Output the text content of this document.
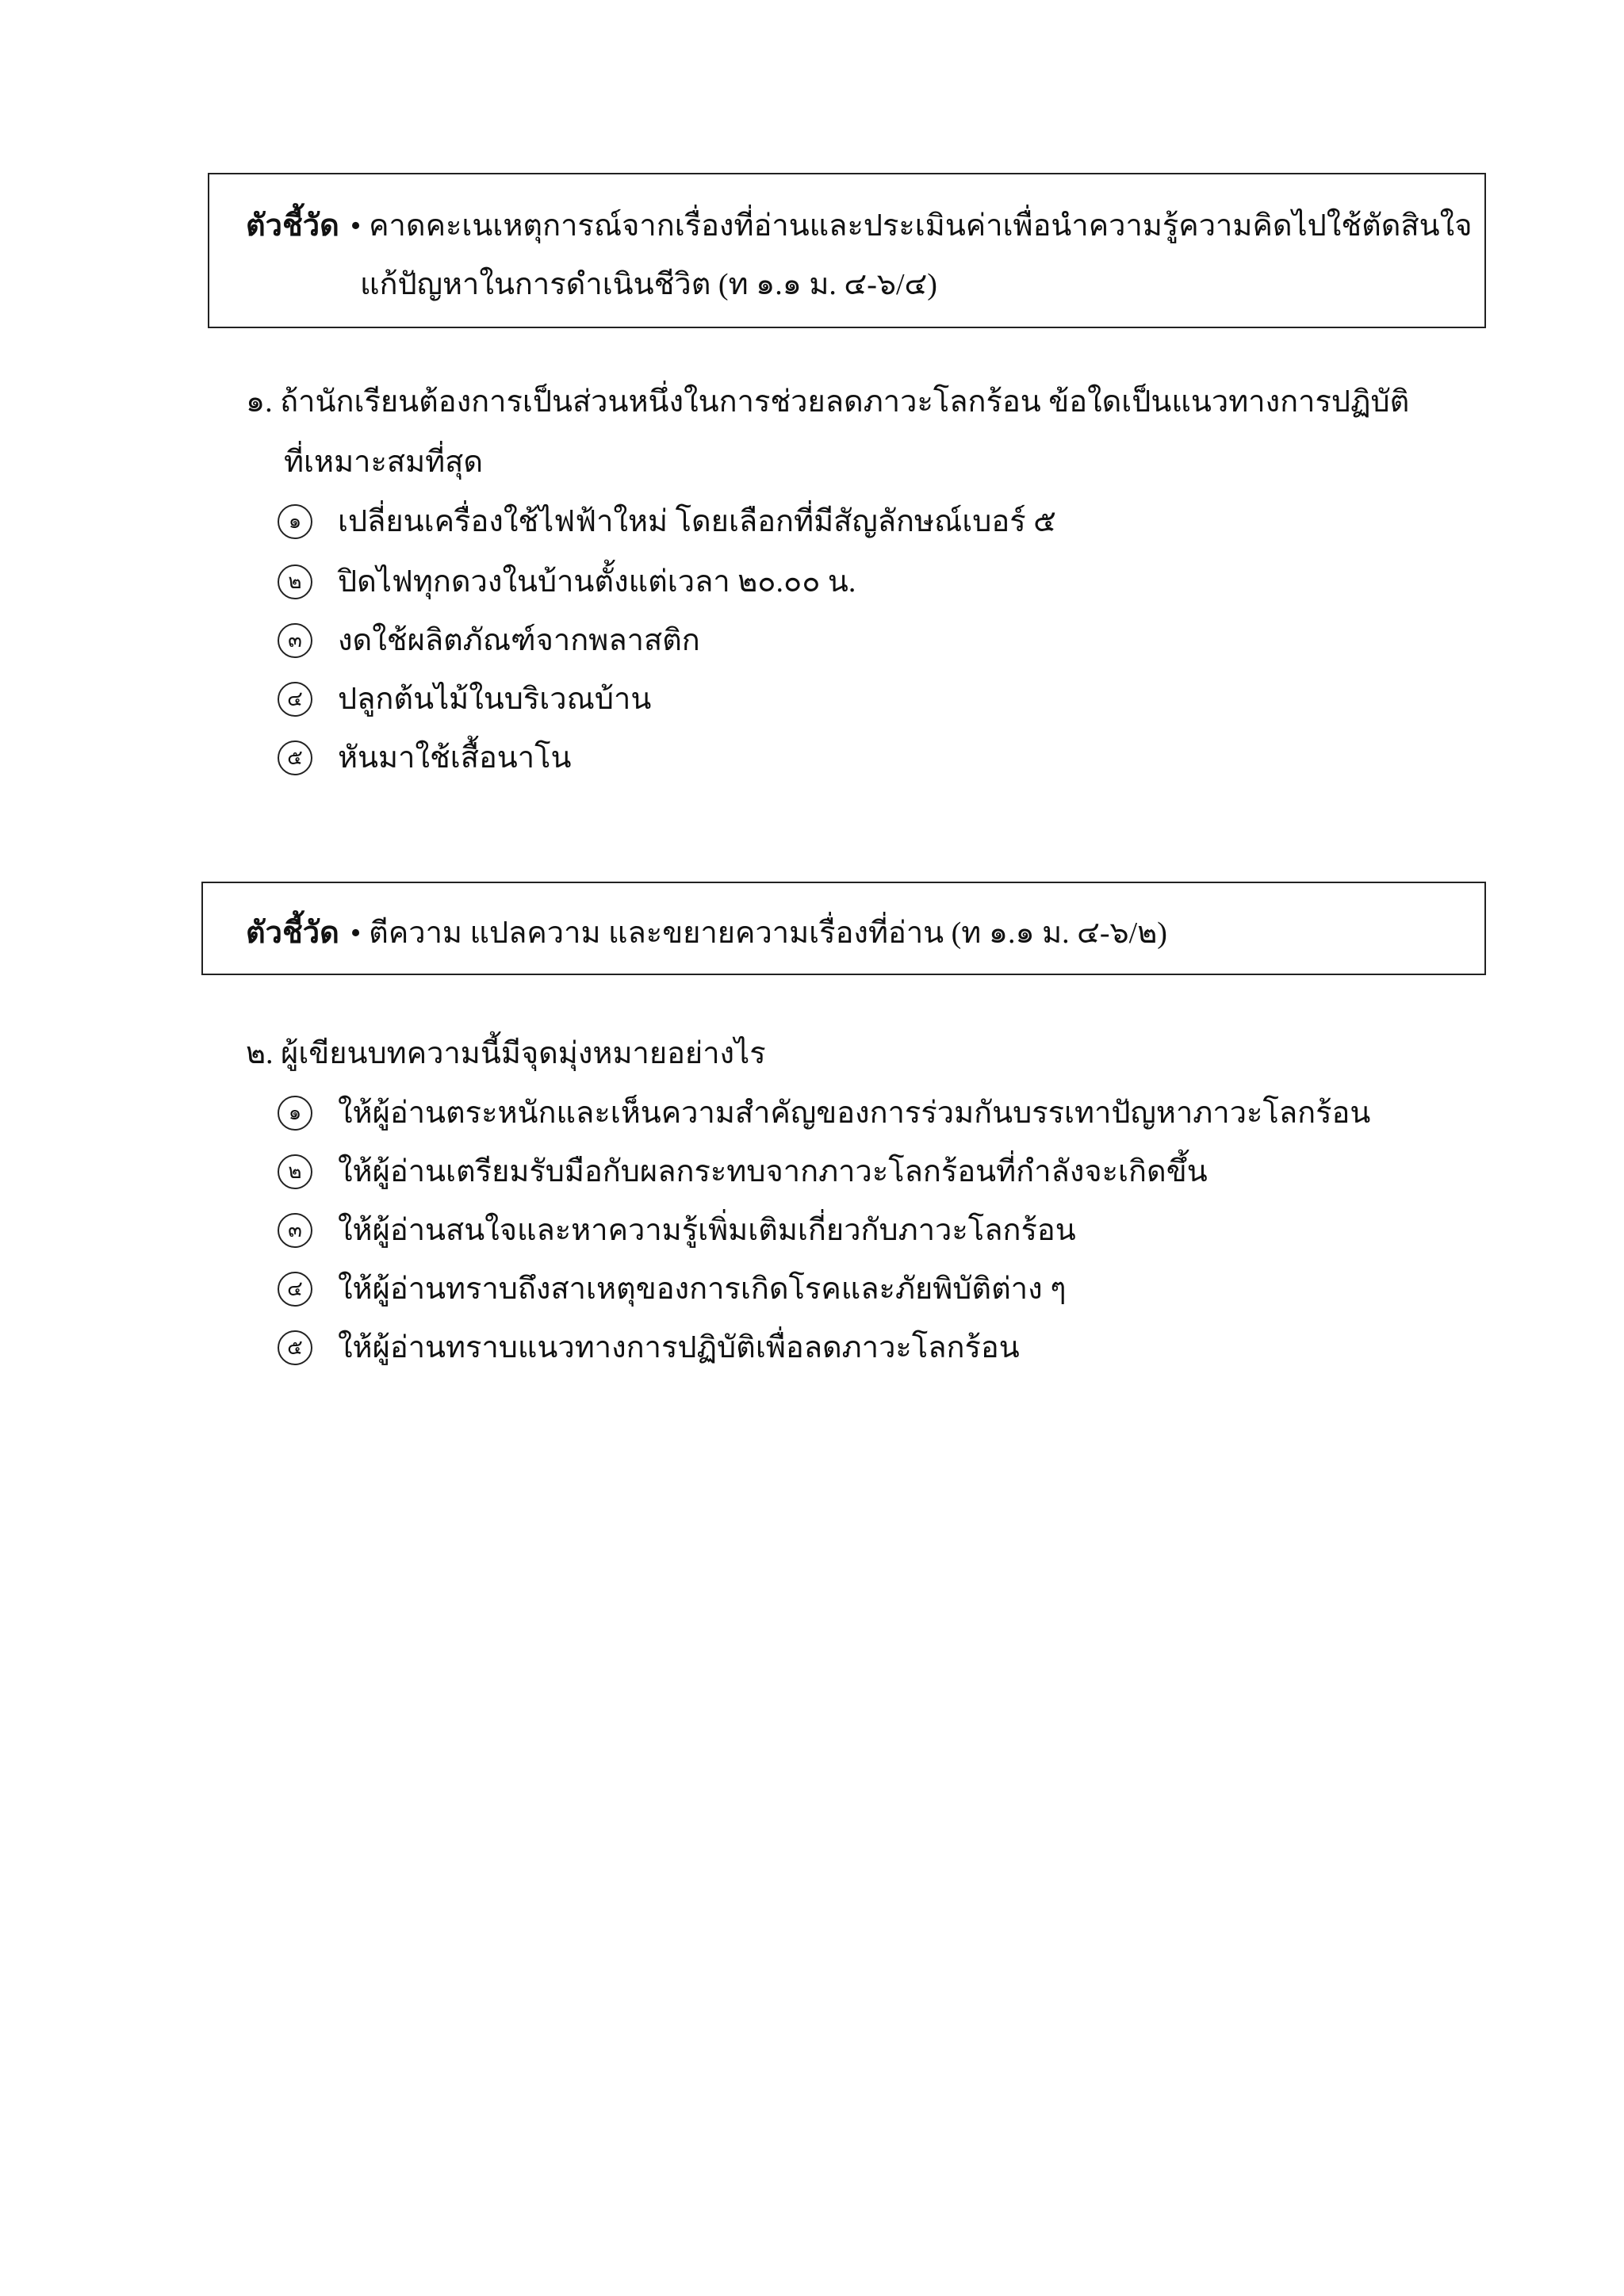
ตัวชี้วัด • คาดคะเนเหตุการณ์จากเรื่องที่อ่านและประเมินค่าเพื่อนำความรู้ความคิดไปใช้ตัดสินใจ
แก้ปัญหาในการดำเนินชีวิต (ท ๑.๑ ม. ๔-๖/๔)
๑. ถ้านักเรียนต้องการเป็นส่วนหนึ่งในการช่วยลดภาวะโลกร้อน ข้อใดเป็นแนวทางการปฏิบัติ
ที่เหมาะสมที่สุด
๑	เปลี่ยนเครื่องใช้ไฟฟ้าใหม่ โดยเลือกที่มีสัญลักษณ์เบอร์ ๕
๒	ปิดไฟทุกดวงในบ้านตั้งแต่เวลา ๒๐.๐๐ น.
๓	งดใช้ผลิตภัณฑ์จากพลาสติก
๔	ปลูกต้นไม้ในบริเวณบ้าน
๕	หันมาใช้เสื้อนาโน
ตัวชี้วัด • ตีความ แปลความ และขยายความเรื่องที่อ่าน (ท ๑.๑ ม. ๔-๖/๒)
๒. ผู้เขียนบทความนี้มีจุดมุ่งหมายอย่างไร
๑	ให้ผู้อ่านตระหนักและเห็นความสำคัญของการร่วมกันบรรเทาปัญหาภาวะโลกร้อน
๒	ให้ผู้อ่านเตรียมรับมือกับผลกระทบจากภาวะโลกร้อนที่กำลังจะเกิดขึ้น
๓	ให้ผู้อ่านสนใจและหาความรู้เพิ่มเติมเกี่ยวกับภาวะโลกร้อน
๔	ให้ผู้อ่านทราบถึงสาเหตุของการเกิดโรคและภัยพิบัติต่าง ๆ
๕	ให้ผู้อ่านทราบแนวทางการปฏิบัติเพื่อลดภาวะโลกร้อน
